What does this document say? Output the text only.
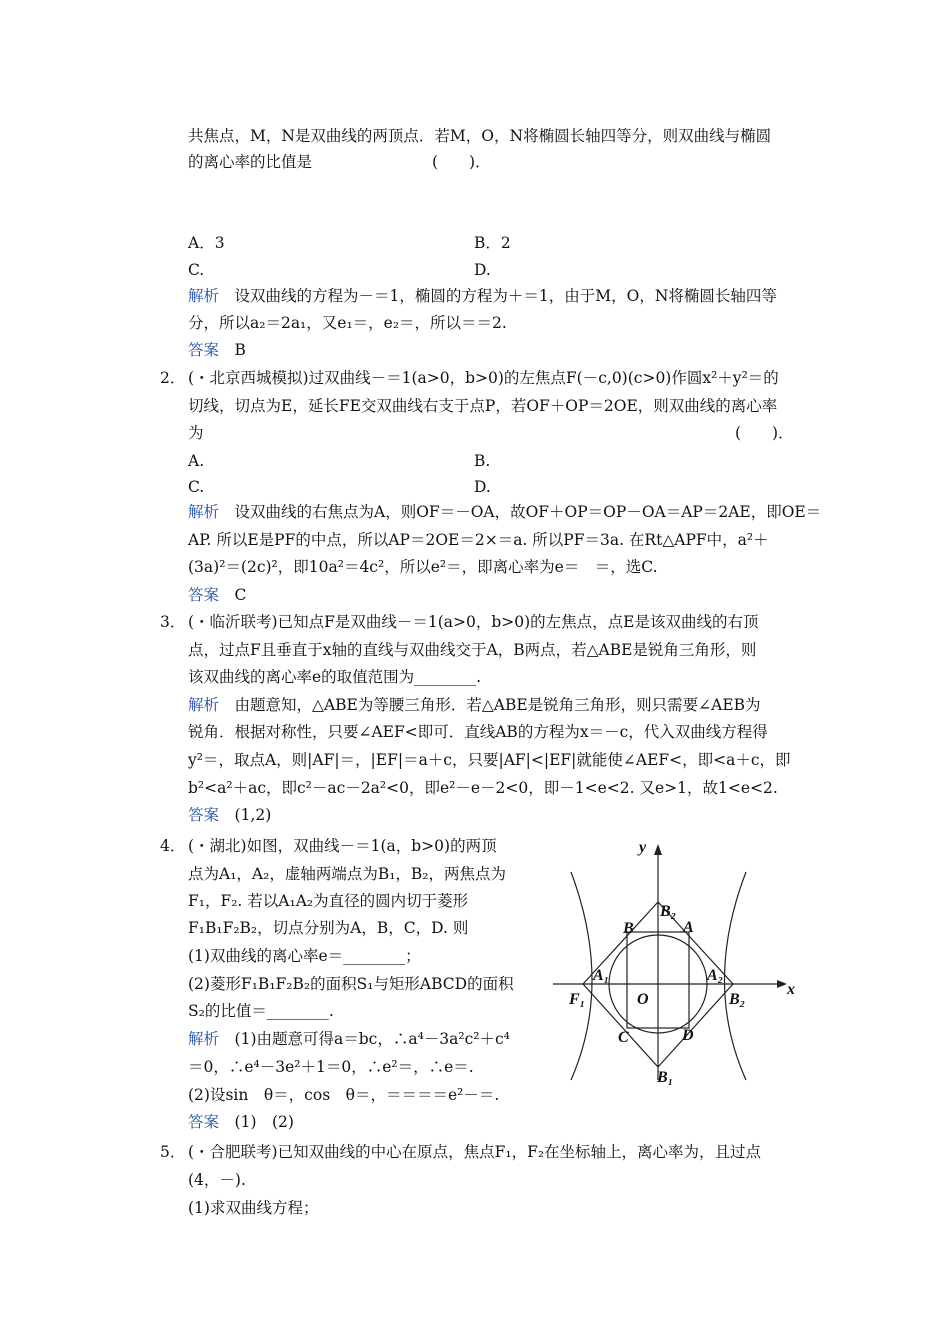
共焦点，M，N是双曲线的两顶点．若M，O，N将椭圆长轴四等分，则双曲线与椭圆
的离心率的比值是	(　　)．
A．3	B．2
C.	D.
解析　 设双曲线的方程为－＝1，椭圆的方程为＋＝1，由于M，O，N将椭圆长轴四等
分，所以a₂＝2a₁，又e₁＝，e₂＝，所以＝＝2.
答案　 B
2． (・北京西城模拟)过双曲线－＝1(a>0，b>0)的左焦点F(－c,0)(c>0)作圆x²＋y²＝的
切线，切点为E，延长FE交双曲线右支于点P，若OF＋OP＝2OE，则双曲线的离心率
为	(　　)．
A.	B.
C.	D.
解析　 设双曲线的右焦点为A，则OF＝－OA，故OF＋OP＝OP－OA＝AP＝2AE，即OE＝
AP. 所以E是PF的中点，所以AP＝2OE＝2×＝a. 所以PF＝3a. 在Rt△APF中，a²＋
(3a)²＝(2c)²，即10a²＝4c²，所以e²＝，即离心率为e＝　＝，选C.
答案　 C
3． (・临沂联考)已知点F是双曲线－＝1(a>0，b>0)的左焦点，点E是该双曲线的右顶
点，过点F且垂直于x轴的直线与双曲线交于A，B两点，若△ABE是锐角三角形，则
该双曲线的离心率e的取值范围为________.
解析　 由题意知，△ABE为等腰三角形．若△ABE是锐角三角形，则只需要∠AEB为
锐角．根据对称性，只要∠AEF<即可．直线AB的方程为x＝－c，代入双曲线方程得
y²＝，取点A，则|AF|＝，|EF|＝a＋c，只要|AF|<|EF|就能使∠AEF<，即<a＋c，即
b²<a²＋ac，即c²－ac－2a²<0，即e²－e－2<0，即－1<e<2. 又e>1，故1<e<2.
答案　 (1,2)
4． (・湖北)如图，双曲线－＝1(a，b>0)的两顶
点为A₁，A₂，虚轴两端点为B₁，B₂，两焦点为
F₁，F₂. 若以A₁A₂为直径的圆内切于菱形
F₁B₁F₂B₂，切点分别为A，B，C，D. 则
(1)双曲线的离心率e＝________；
(2)菱形F₁B₁F₂B₂的面积S₁与矩形ABCD的面积
S₂的比值＝________.
解析　 (1)由题意可得a＝bc，∴a⁴－3a²c²＋c⁴
＝0，∴e⁴－3e²＋1＝0，∴e²＝，∴e＝.
(2)设sin　θ＝，cos　θ＝，＝＝＝＝e²－＝.
答案　 (1)　(2)
y
x
B₂
A
B
A₁	A₂
F₁	O	B₂
C	D
B₁
5． (・合肥联考)已知双曲线的中心在原点，焦点F₁，F₂在坐标轴上，离心率为，且过点
(4，－).
(1)求双曲线方程；
